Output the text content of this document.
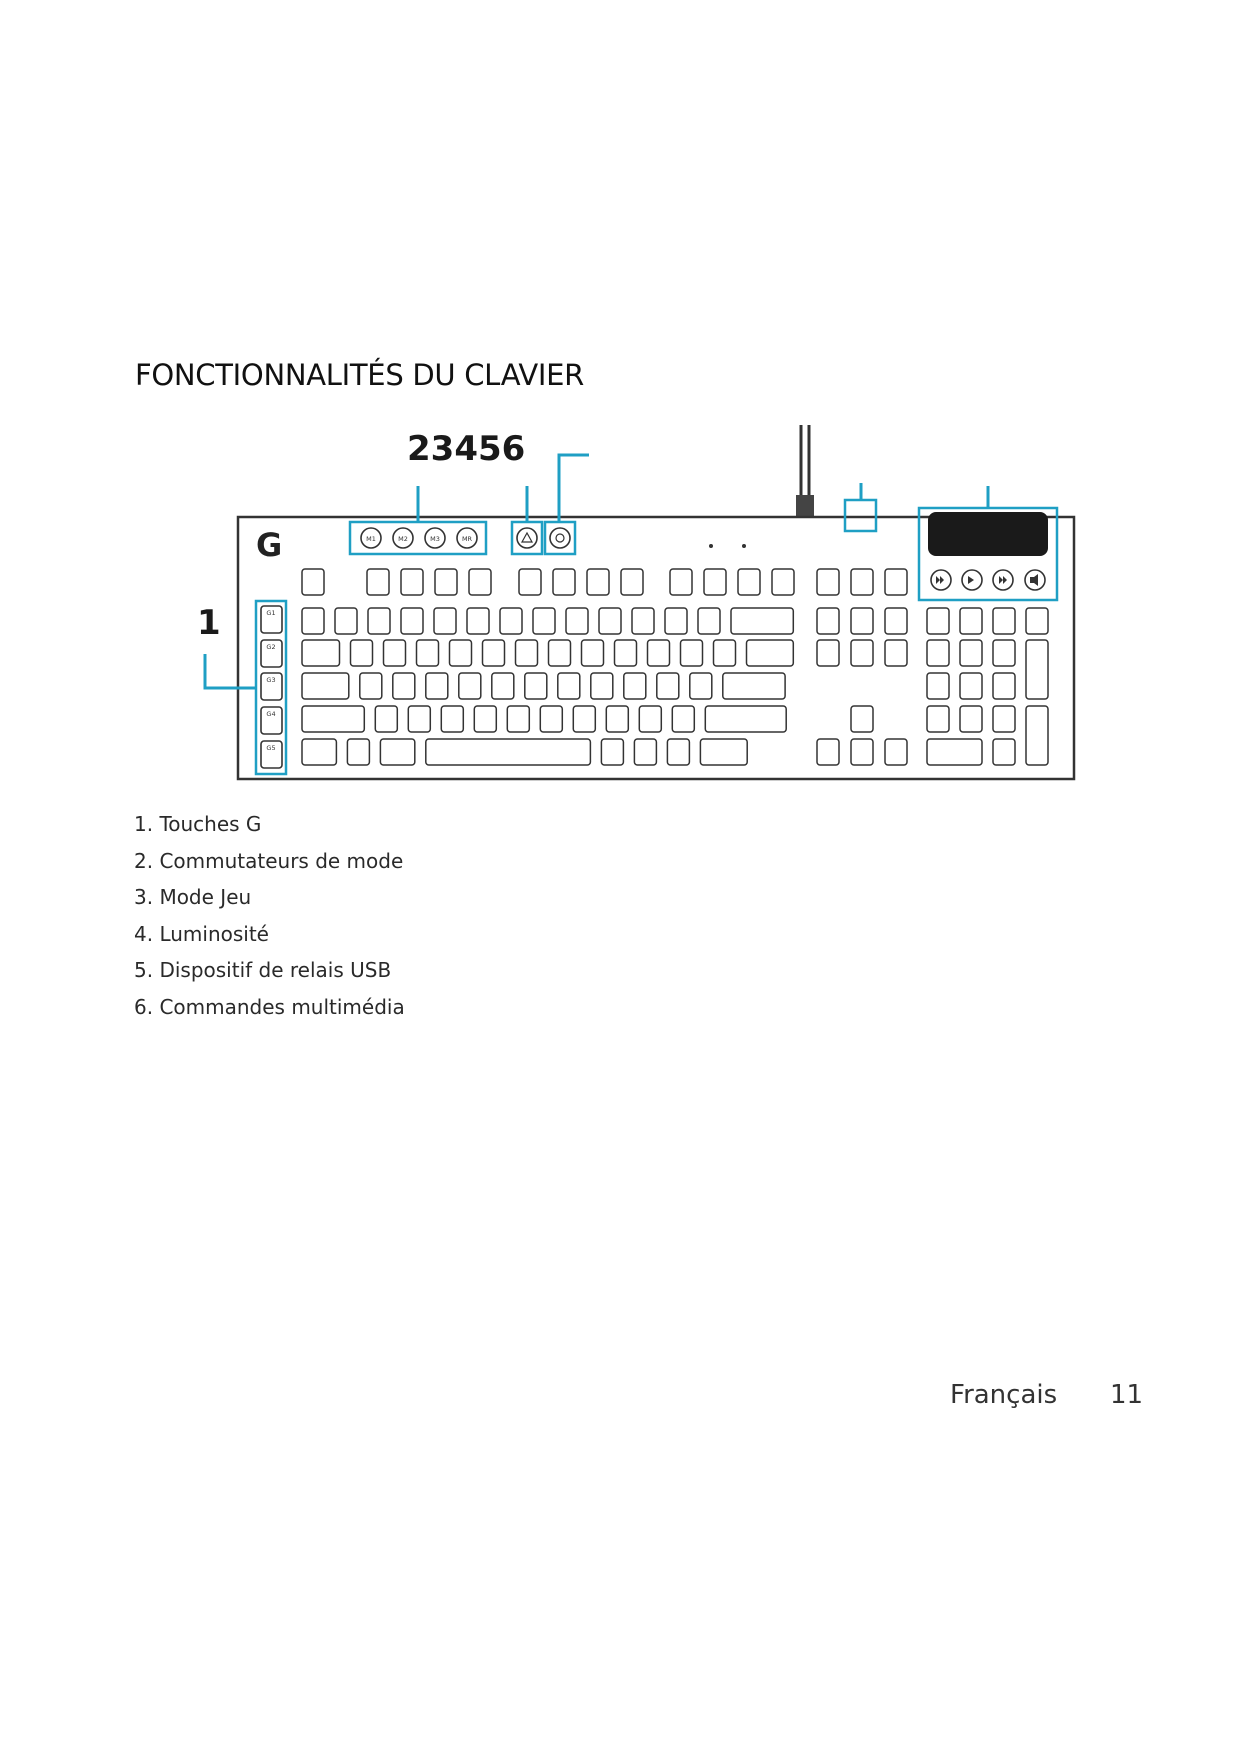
FONCTIONNALITÉS DU CLAVIER
23456
1
G	M1	M2	M3	MR
G1
G2
G3
G4
G5
1. Touches G
2. Commutateurs de mode
3. Mode Jeu
4. Luminosité
5. Dispositif de relais USB
6. Commandes multimédia
Français 11
